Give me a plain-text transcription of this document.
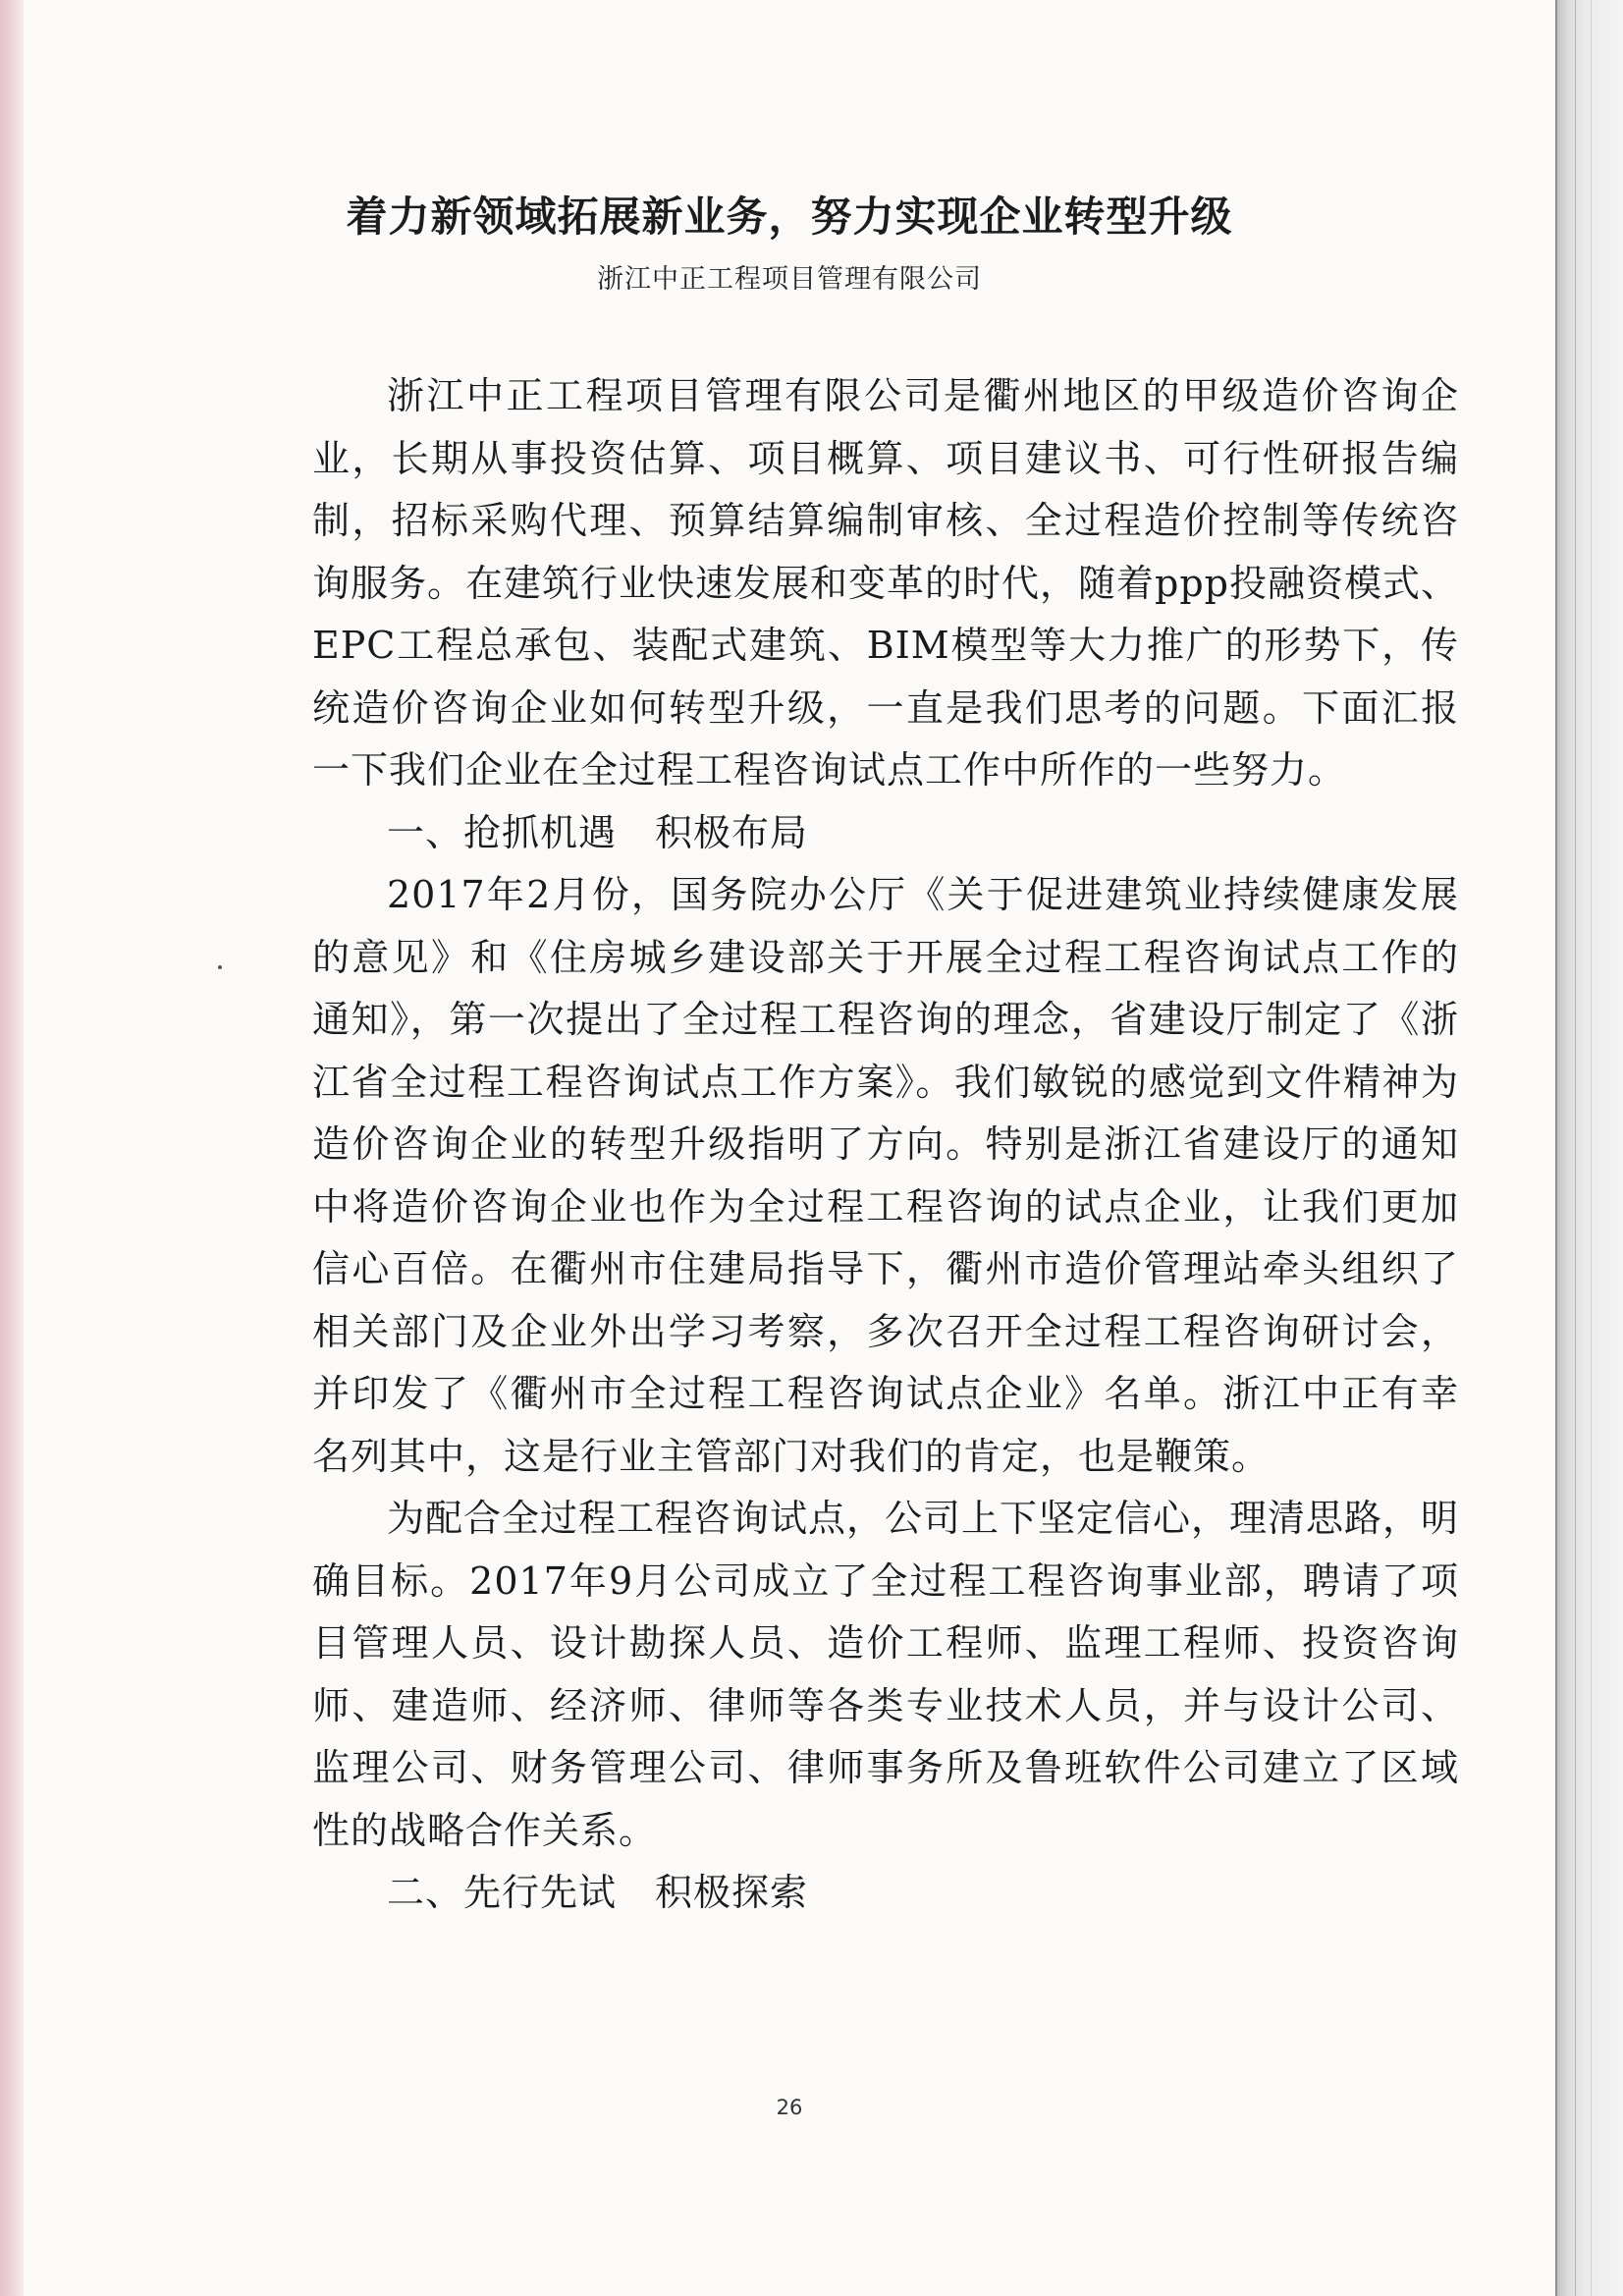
着力新领域拓展新业务，努力实现企业转型升级
浙江中正工程项目管理有限公司

浙江中正工程项目管理有限公司是衢州地区的甲级造价咨询企业，长期从事投资估算、项目概算、项目建议书、可行性研报告编制，招标采购代理、预算结算编制审核、全过程造价控制等传统咨询服务。在建筑行业快速发展和变革的时代，随着ppp投融资模式、EPC工程总承包、装配式建筑、BIM模型等大力推广的形势下，传统造价咨询企业如何转型升级，一直是我们思考的问题。下面汇报一下我们企业在全过程工程咨询试点工作中所作的一些努力。

一、抢抓机遇　积极布局

2017年2月份，国务院办公厅《关于促进建筑业持续健康发展的意见》和《住房城乡建设部关于开展全过程工程咨询试点工作的通知》，第一次提出了全过程工程咨询的理念，省建设厅制定了《浙江省全过程工程咨询试点工作方案》。我们敏锐的感觉到文件精神为造价咨询企业的转型升级指明了方向。特别是浙江省建设厅的通知中将造价咨询企业也作为全过程工程咨询的试点企业，让我们更加信心百倍。在衢州市住建局指导下，衢州市造价管理站牵头组织了相关部门及企业外出学习考察，多次召开全过程工程咨询研讨会，并印发了《衢州市全过程工程咨询试点企业》名单。浙江中正有幸名列其中，这是行业主管部门对我们的肯定，也是鞭策。

为配合全过程工程咨询试点，公司上下坚定信心，理清思路，明确目标。2017年9月公司成立了全过程工程咨询事业部，聘请了项目管理人员、设计勘探人员、造价工程师、监理工程师、投资咨询师、建造师、经济师、律师等各类专业技术人员，并与设计公司、监理公司、财务管理公司、律师事务所及鲁班软件公司建立了区域性的战略合作关系。

二、先行先试　积极探索

26
